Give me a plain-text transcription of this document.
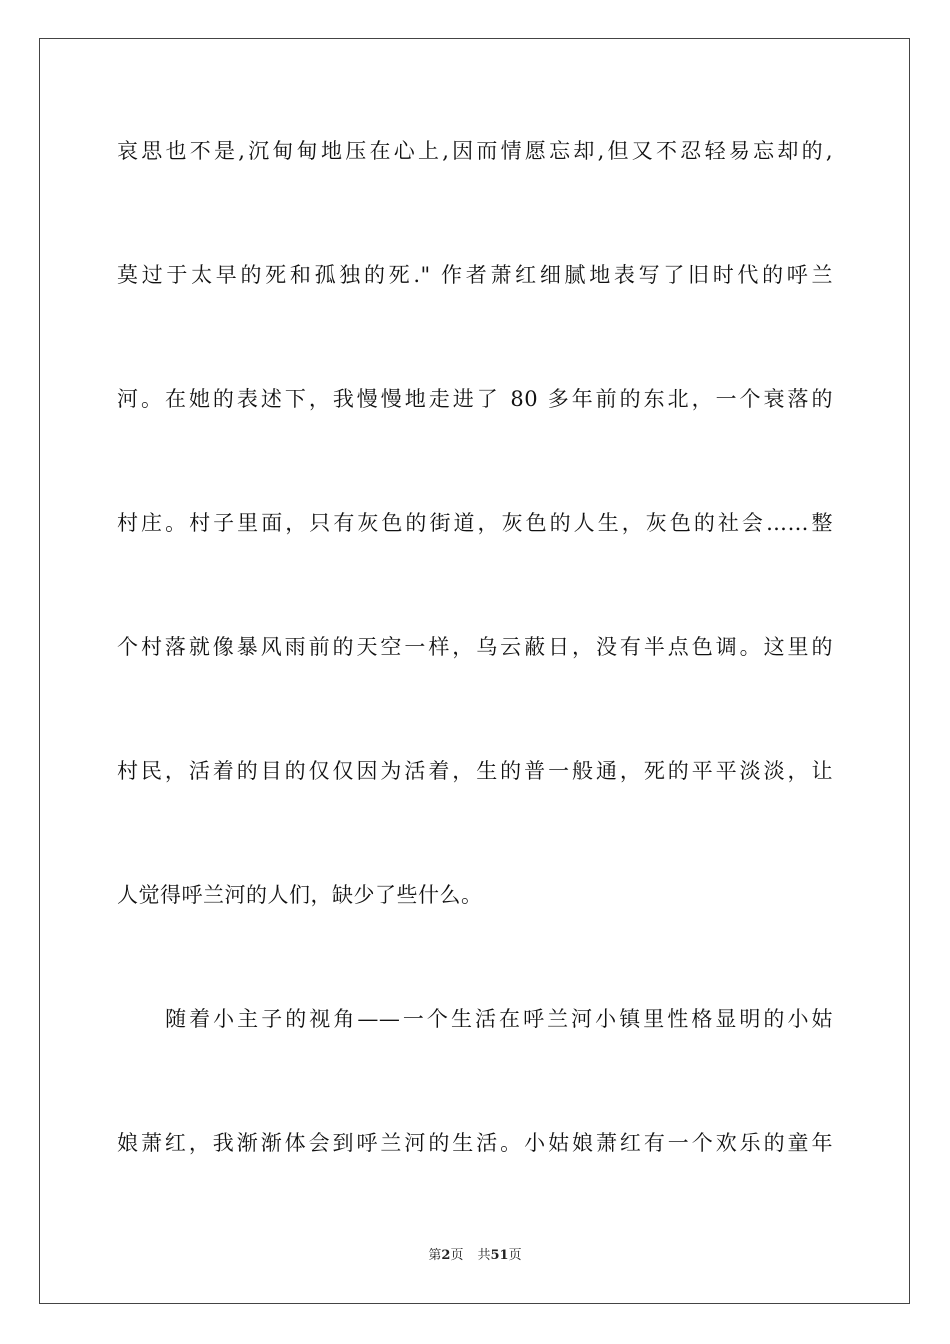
哀思也不是,沉甸甸地压在心上,因而情愿忘却,但又不忍轻易忘却的,
莫过于太早的死和孤独的死." 作者萧红细腻地表写了旧时代的呼兰
河。在她的表述下，我慢慢地走进了 80 多年前的东北，一个衰落的
村庄。村子里面，只有灰色的街道，灰色的人生，灰色的社会……整
个村落就像暴风雨前的天空一样，乌云蔽日，没有半点色调。这里的
村民，活着的目的仅仅因为活着，生的普一般通，死的平平淡淡，让
人觉得呼兰河的人们，缺少了些什么。
　　随着小主子的视角——一个生活在呼兰河小镇里性格显明的小姑
娘萧红，我渐渐体会到呼兰河的生活。小姑娘萧红有一个欢乐的童年
第2页 共51页
